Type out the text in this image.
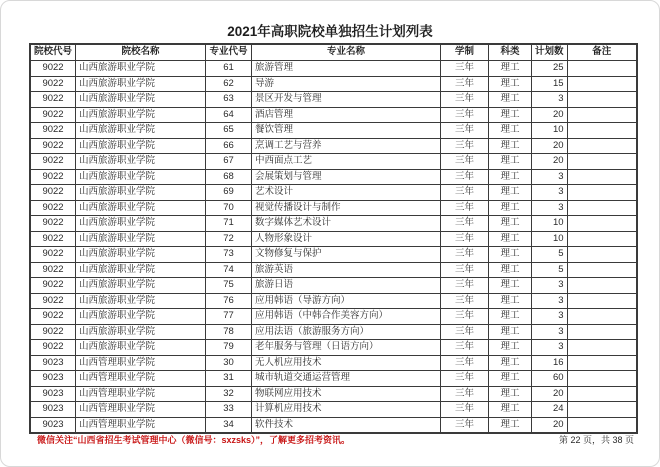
2021年高职院校单独招生计划列表
院校代号	院校名称	专业代号	专业名称	学制	科类	计划数	备注
9022	山西旅游职业学院	61	旅游管理	三年	理工	25	
9022	山西旅游职业学院	62	导游	三年	理工	15	
9022	山西旅游职业学院	63	景区开发与管理	三年	理工	3	
9022	山西旅游职业学院	64	酒店管理	三年	理工	20	
9022	山西旅游职业学院	65	餐饮管理	三年	理工	10	
9022	山西旅游职业学院	66	烹调工艺与营养	三年	理工	20	
9022	山西旅游职业学院	67	中西面点工艺	三年	理工	20	
9022	山西旅游职业学院	68	会展策划与管理	三年	理工	3	
9022	山西旅游职业学院	69	艺术设计	三年	理工	3	
9022	山西旅游职业学院	70	视觉传播设计与制作	三年	理工	3	
9022	山西旅游职业学院	71	数字媒体艺术设计	三年	理工	10	
9022	山西旅游职业学院	72	人物形象设计	三年	理工	10	
9022	山西旅游职业学院	73	文物修复与保护	三年	理工	5	
9022	山西旅游职业学院	74	旅游英语	三年	理工	5	
9022	山西旅游职业学院	75	旅游日语	三年	理工	3	
9022	山西旅游职业学院	76	应用韩语（导游方向）	三年	理工	3	
9022	山西旅游职业学院	77	应用韩语（中韩合作美容方向）	三年	理工	3	
9022	山西旅游职业学院	78	应用法语（旅游服务方向）	三年	理工	3	
9022	山西旅游职业学院	79	老年服务与管理（日语方向）	三年	理工	3	
9023	山西管理职业学院	30	无人机应用技术	三年	理工	16	
9023	山西管理职业学院	31	城市轨道交通运营管理	三年	理工	60	
9023	山西管理职业学院	32	物联网应用技术	三年	理工	20	
9023	山西管理职业学院	33	计算机应用技术	三年	理工	24	
9023	山西管理职业学院	34	软件技术	三年	理工	20	
微信关注“山西省招生考试管理中心（微信号：sxzsks）”，了解更多招考资讯。	第 22 页，共 38 页
